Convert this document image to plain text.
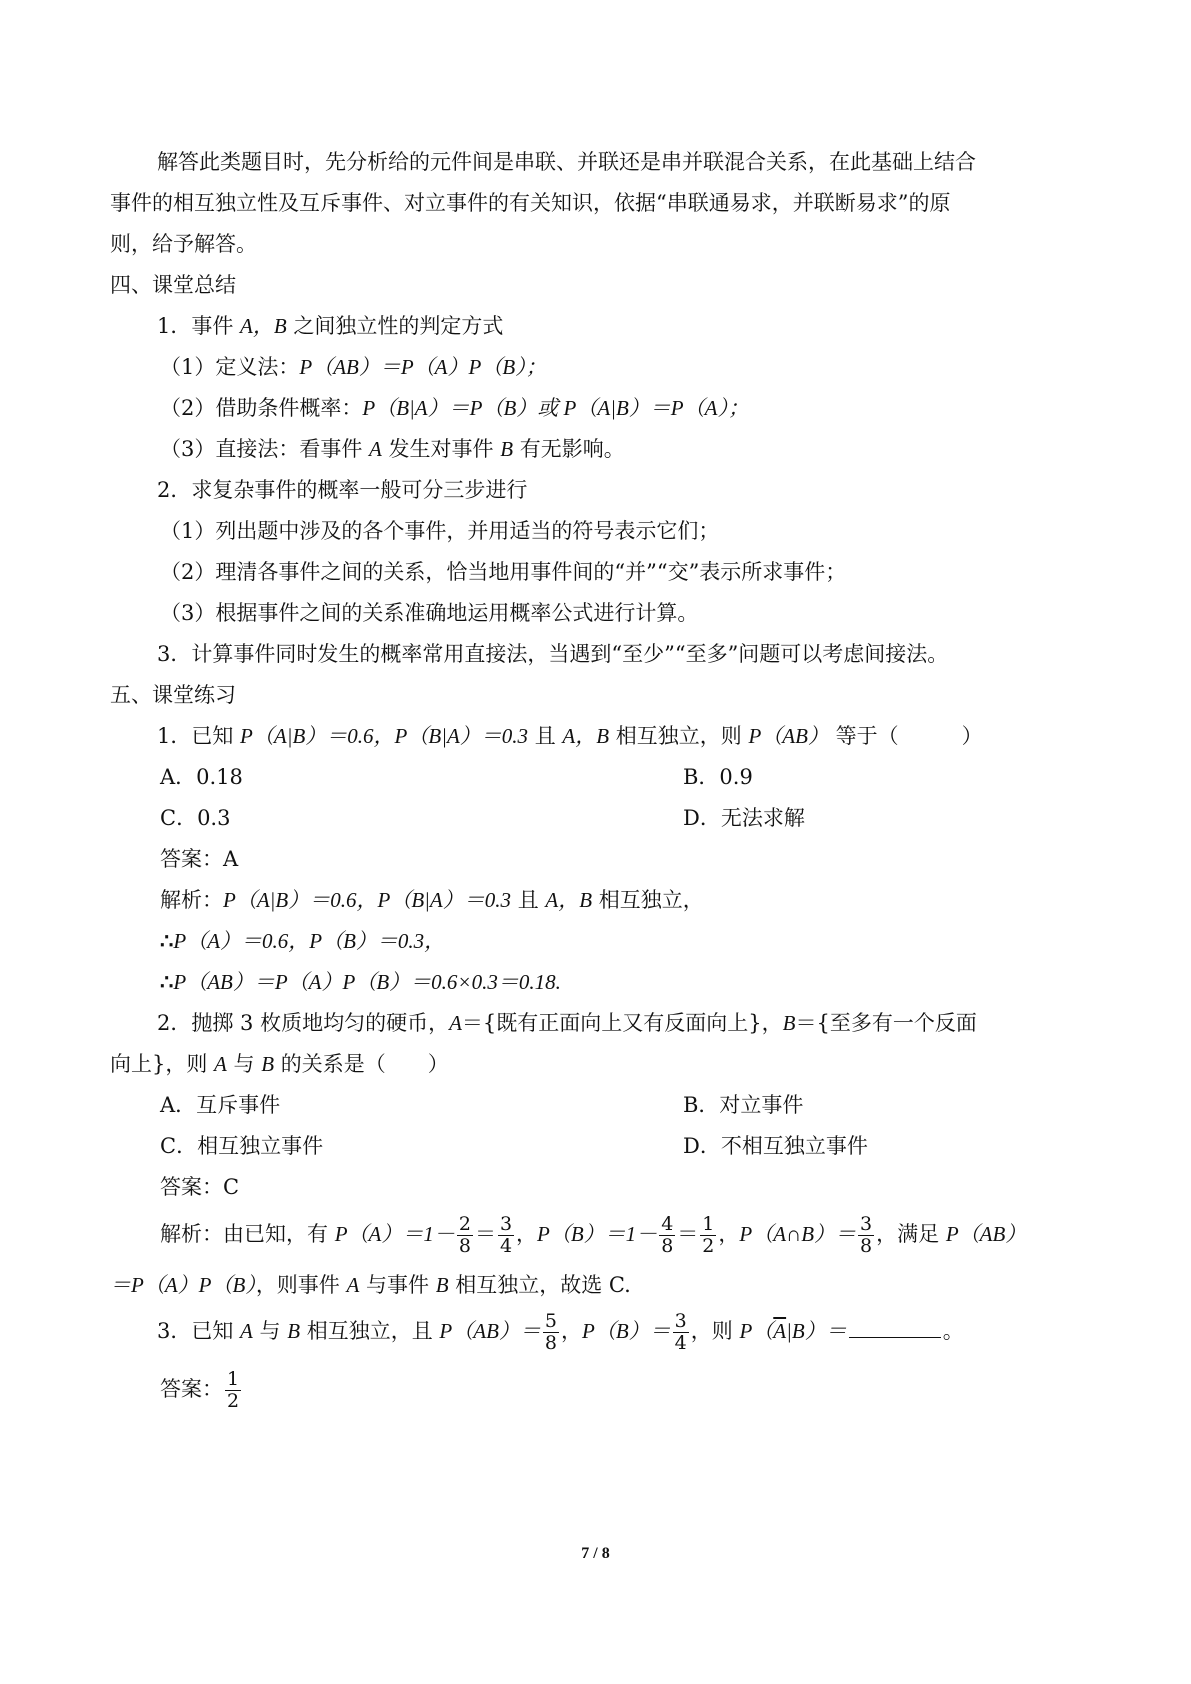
解答此类题目时，先分析给的元件间是串联、并联还是串并联混合关系，在此基础上结合
事件的相互独立性及互斥事件、对立事件的有关知识，依据“串联通易求，并联断易求”的原
则，给予解答。
四、课堂总结
1．事件 A，B 之间独立性的判定方式
（1）定义法：P（AB）＝P（A）P（B）；
（2）借助条件概率：P（B|A）＝P（B）或 P（A|B）＝P（A）；
（3）直接法：看事件 A 发生对事件 B 有无影响。
2．求复杂事件的概率一般可分三步进行
（1）列出题中涉及的各个事件，并用适当的符号表示它们；
（2）理清各事件之间的关系，恰当地用事件间的“并”“交”表示所求事件；
（3）根据事件之间的关系准确地运用概率公式进行计算。
3．计算事件同时发生的概率常用直接法，当遇到“至少”“至多”问题可以考虑间接法。
五、课堂练习
1．已知 P（A|B）＝0.6，P（B|A）＝0.3 且 A，B 相互独立，则 P（AB） 等于（　　　）
A．0.18	B．0.9
C．0.3	D．无法求解
答案：A
解析：P（A|B）＝0.6，P（B|A）＝0.3 且 A，B 相互独立，
∴P（A）＝0.6，P（B）＝0.3，
∴P（AB）＝P（A）P（B）＝0.6×0.3＝0.18.
2．抛掷 3 枚质地均匀的硬币，A＝{既有正面向上又有反面向上}，B＝{至多有一个反面
向上}，则 A 与 B 的关系是（　　）
A．互斥事件	B．对立事件
C．相互独立事件	D．不相互独立事件
答案：C
解析：由已知，有 $P(A)=1- \frac{2}{8} = \frac{3}{4}$ ，$P(B)=1- \frac{4}{8} = \frac{1}{2}$ ，P（A∩B）＝ $\frac{3}{8}$ ，满足 P（AB）
＝P（A）P（B），则事件 A 与事件 B 相互独立，故选 C.
3．已知 A 与 B 相互独立，且 $P(AB)= \frac{5}{8}$ ，$P(B)= \frac{3}{4}$ ，则 $P(\overline{A}|B)=$	。
答案： $\frac{1}{2}$
7 / 8
